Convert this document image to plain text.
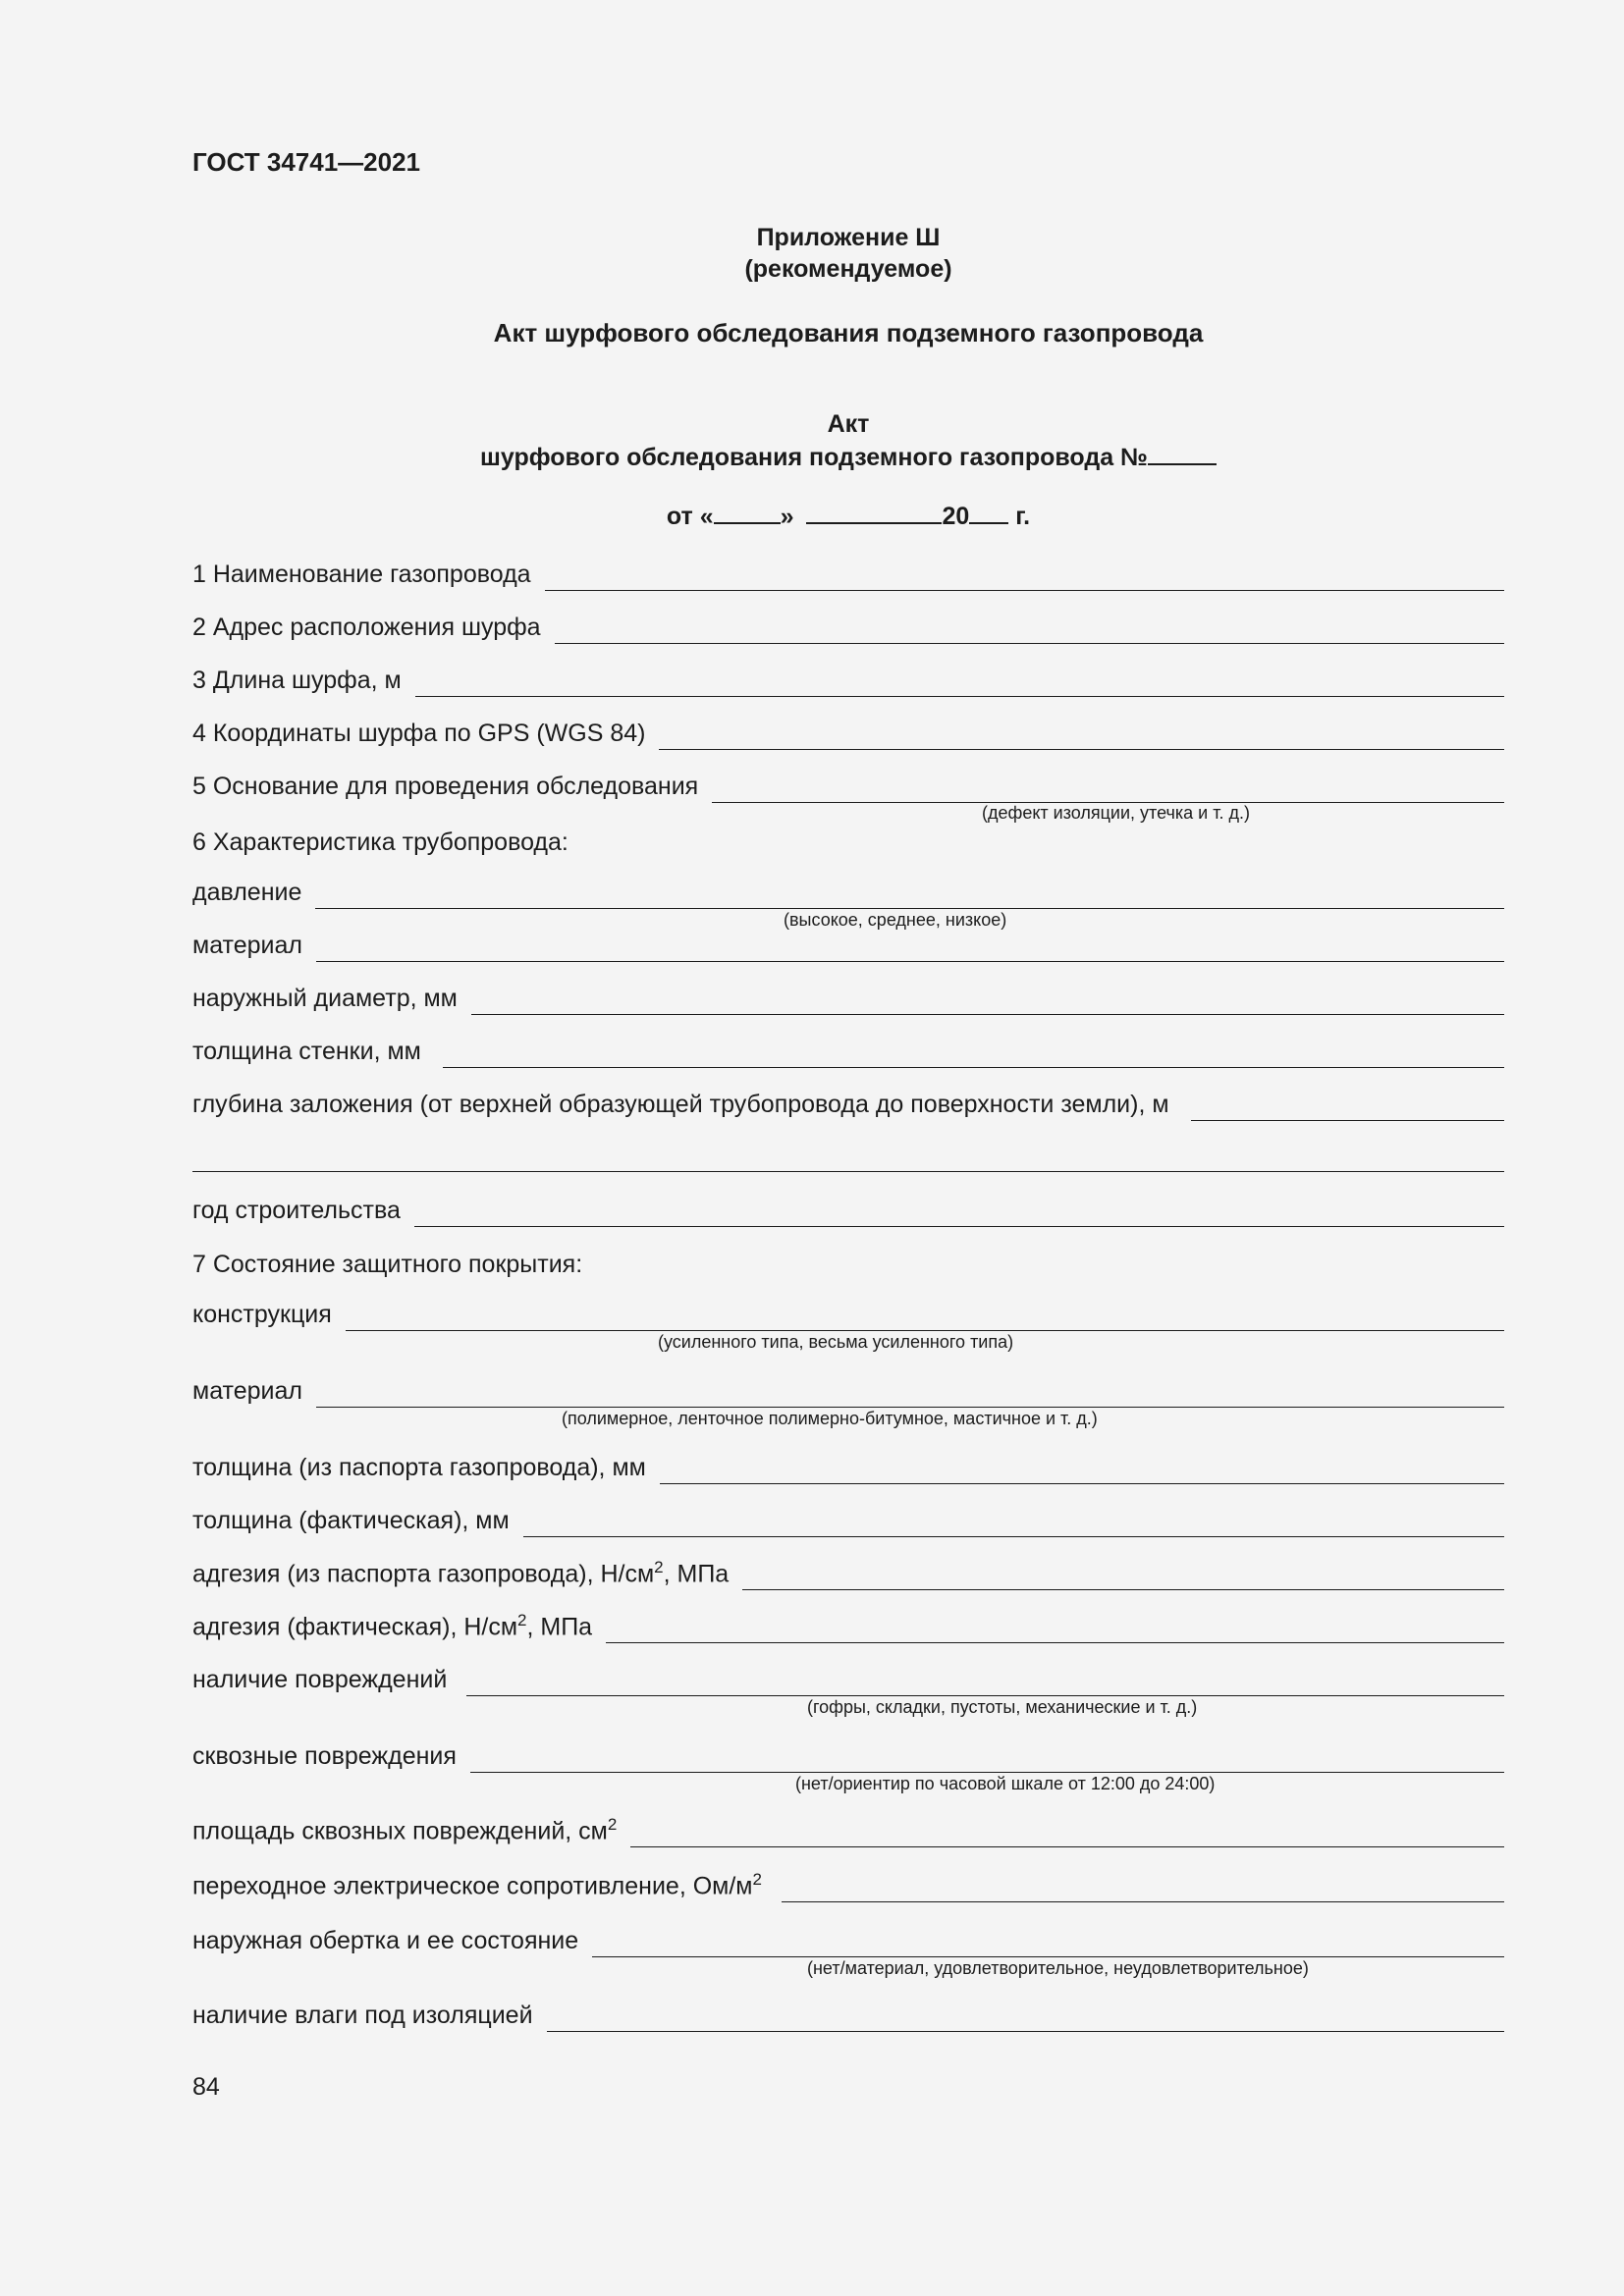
ГОСТ 34741—2021
Приложение Ш
(рекомендуемое)
Акт шурфового обследования подземного газопровода
Акт
шурфового обследования подземного газопровода №
от «	»	20 г.
1 Наименование газопровода
2 Адрес расположения шурфа
3 Длина шурфа, м
4 Координаты шурфа по GPS (WGS 84)
5 Основание для проведения обследования
(дефект изоляции, утечка и т. д.)
6 Характеристика трубопровода:
давление
(высокое, среднее, низкое)
материал
наружный диаметр, мм
толщина стенки, мм
глубина заложения (от верхней образующей трубопровода до поверхности земли), м
год строительства
7 Состояние защитного покрытия:
конструкция
(усиленного типа, весьма усиленного типа)
материал
(полимерное, ленточное полимерно-битумное, мастичное и т. д.)
толщина (из паспорта газопровода), мм
толщина (фактическая), мм
адгезия (из паспорта газопровода), $Н/см^2$, МПа
адгезия (фактическая), $Н/см^2$, МПа
наличие повреждений
(гофры, складки, пустоты, механические и т. д.)
сквозные повреждения
(нет/ориентир по часовой шкале от 12:00 до 24:00)
площадь сквозных повреждений, $см^2$
переходное электрическое сопротивление, $Ом/м^2$
наружная обертка и ее состояние
(нет/материал, удовлетворительное, неудовлетворительное)
наличие влаги под изоляцией
84
